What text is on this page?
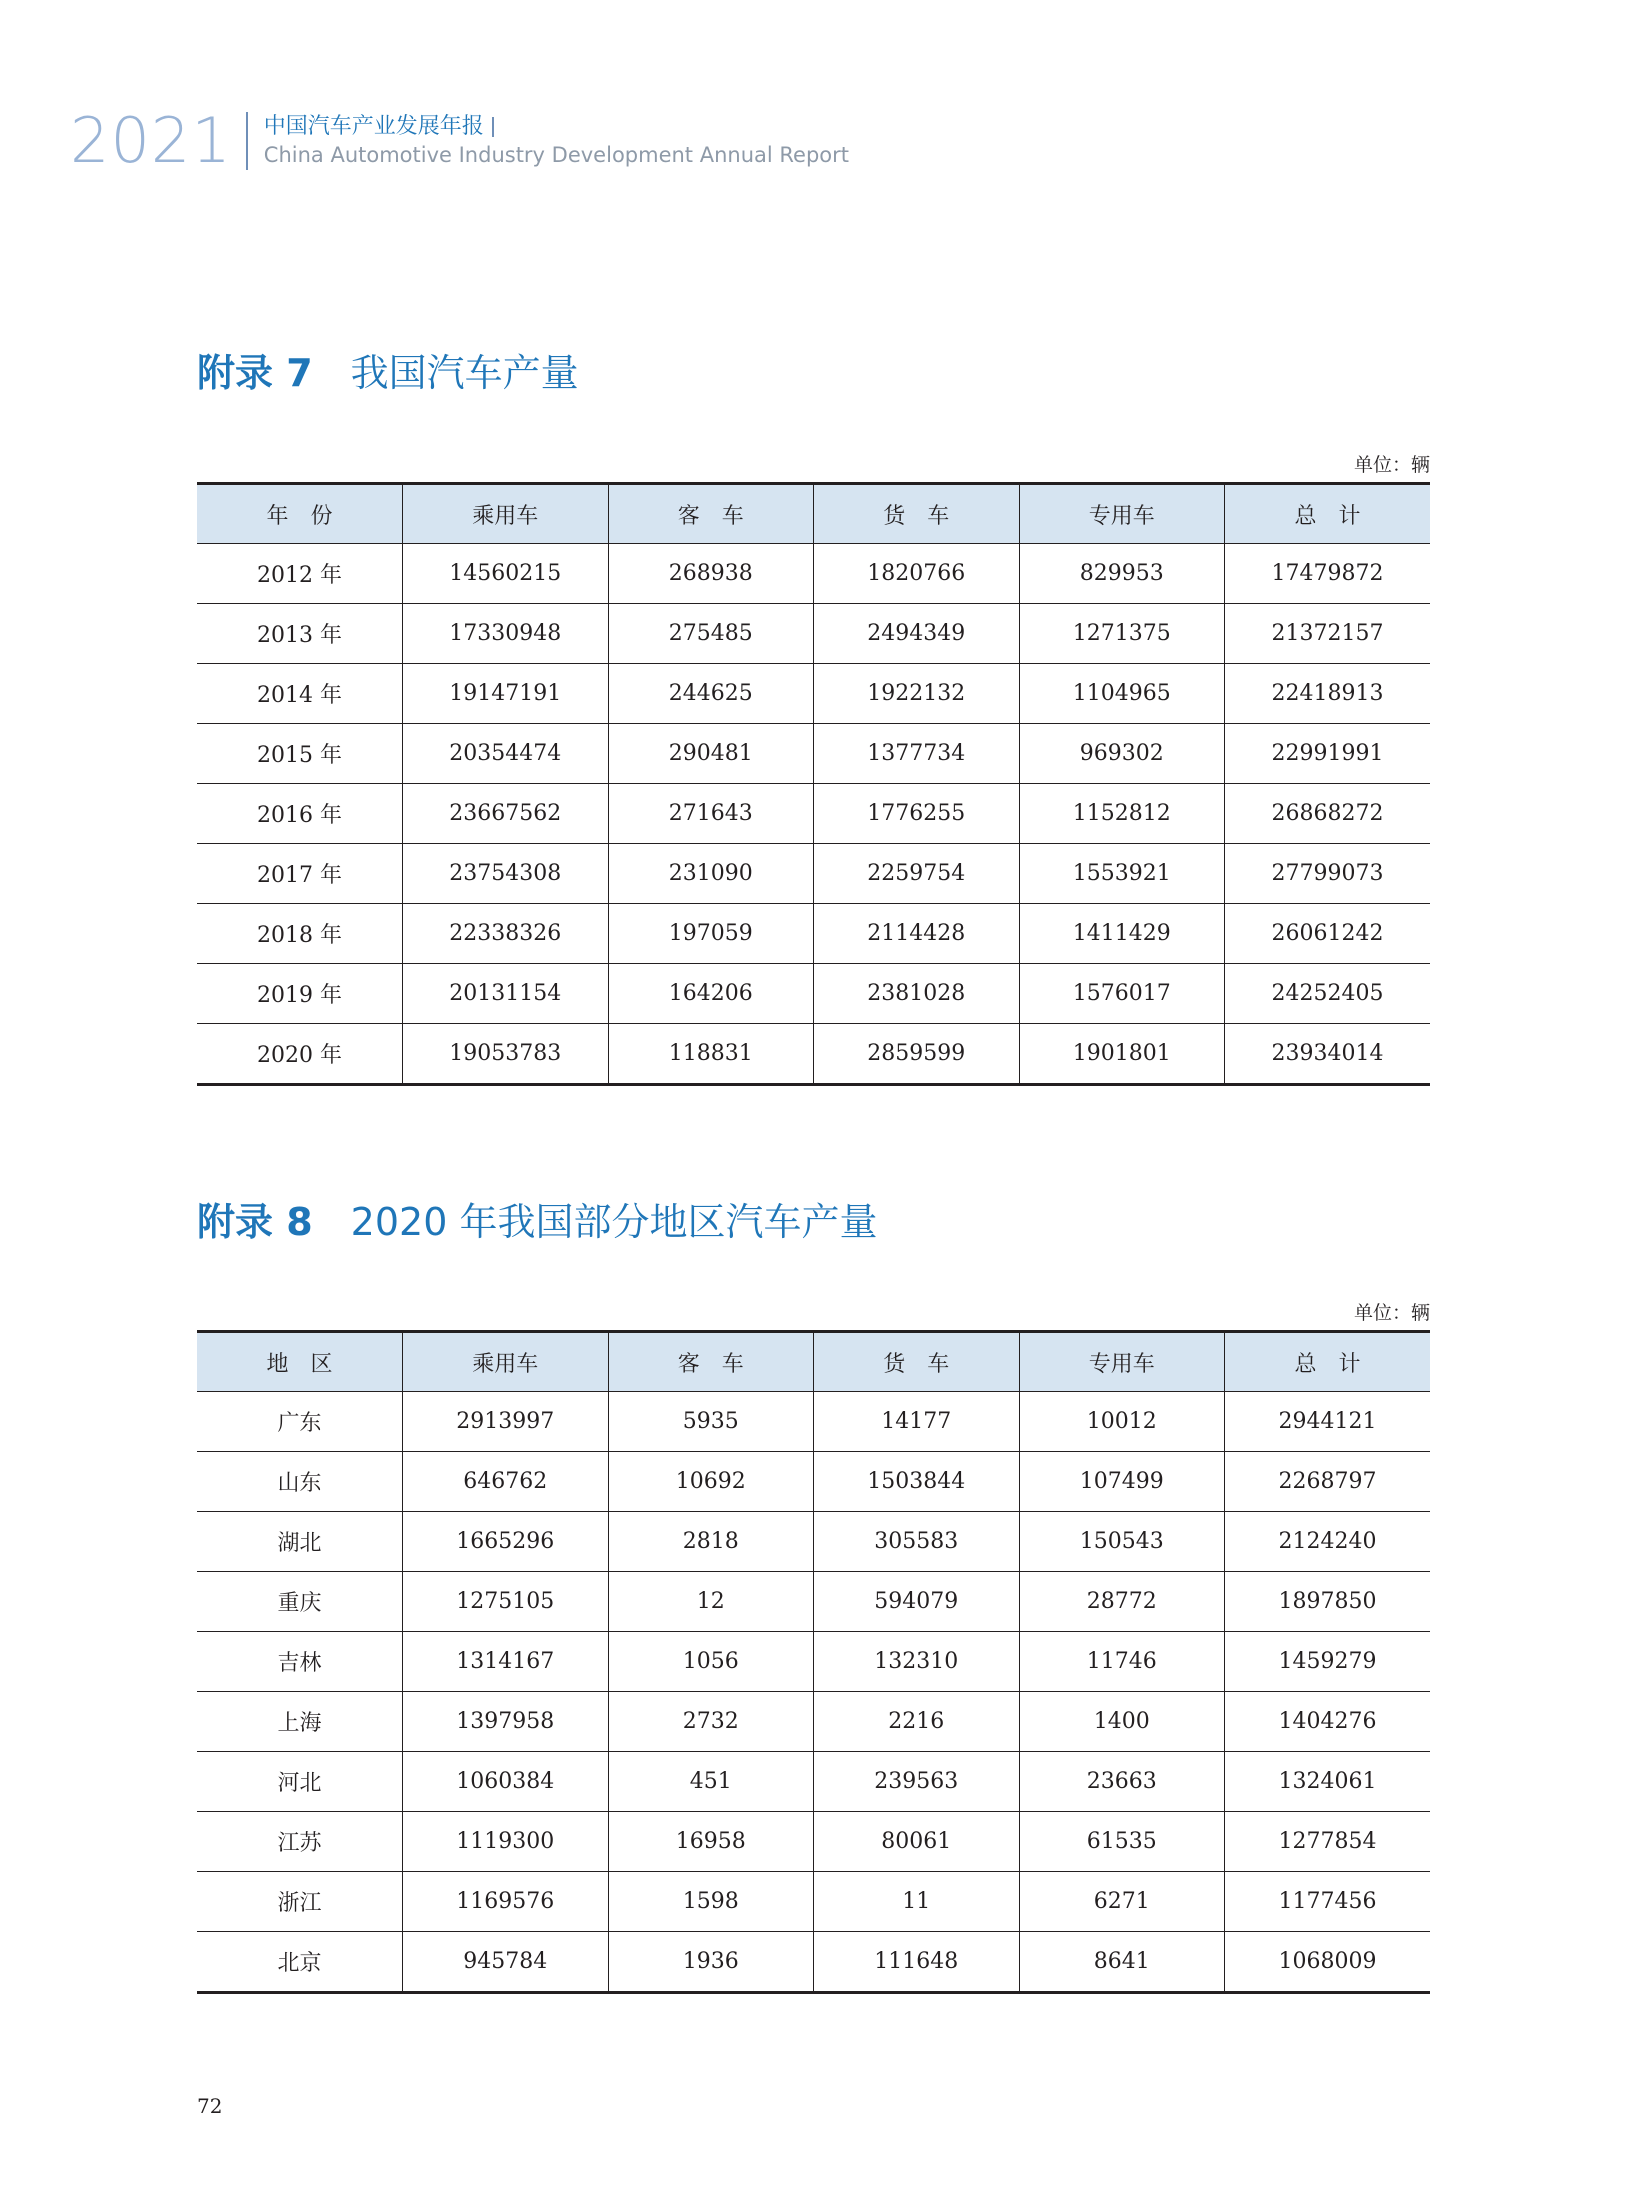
2021 中国汽车产业发展年报
China Automotive Industry Development Annual Report
附录 7 我国汽车产量
单位：辆
年　份	乘用车	客　车	货　车	专用车	总　计
2012 年	14560215	268938	1820766	829953	17479872
2013 年	17330948	275485	2494349	1271375	21372157
2014 年	19147191	244625	1922132	1104965	22418913
2015 年	20354474	290481	1377734	969302	22991991
2016 年	23667562	271643	1776255	1152812	26868272
2017 年	23754308	231090	2259754	1553921	27799073
2018 年	22338326	197059	2114428	1411429	26061242
2019 年	20131154	164206	2381028	1576017	24252405
2020 年	19053783	118831	2859599	1901801	23934014
附录 8 2020 年我国部分地区汽车产量
单位：辆
地　区	乘用车	客　车	货　车	专用车	总　计
广东	2913997	5935	14177	10012	2944121
山东	646762	10692	1503844	107499	2268797
湖北	1665296	2818	305583	150543	2124240
重庆	1275105	12	594079	28772	1897850
吉林	1314167	1056	132310	11746	1459279
上海	1397958	2732	2216	1400	1404276
河北	1060384	451	239563	23663	1324061
江苏	1119300	16958	80061	61535	1277854
浙江	1169576	1598	11	6271	1177456
北京	945784	1936	111648	8641	1068009
72
